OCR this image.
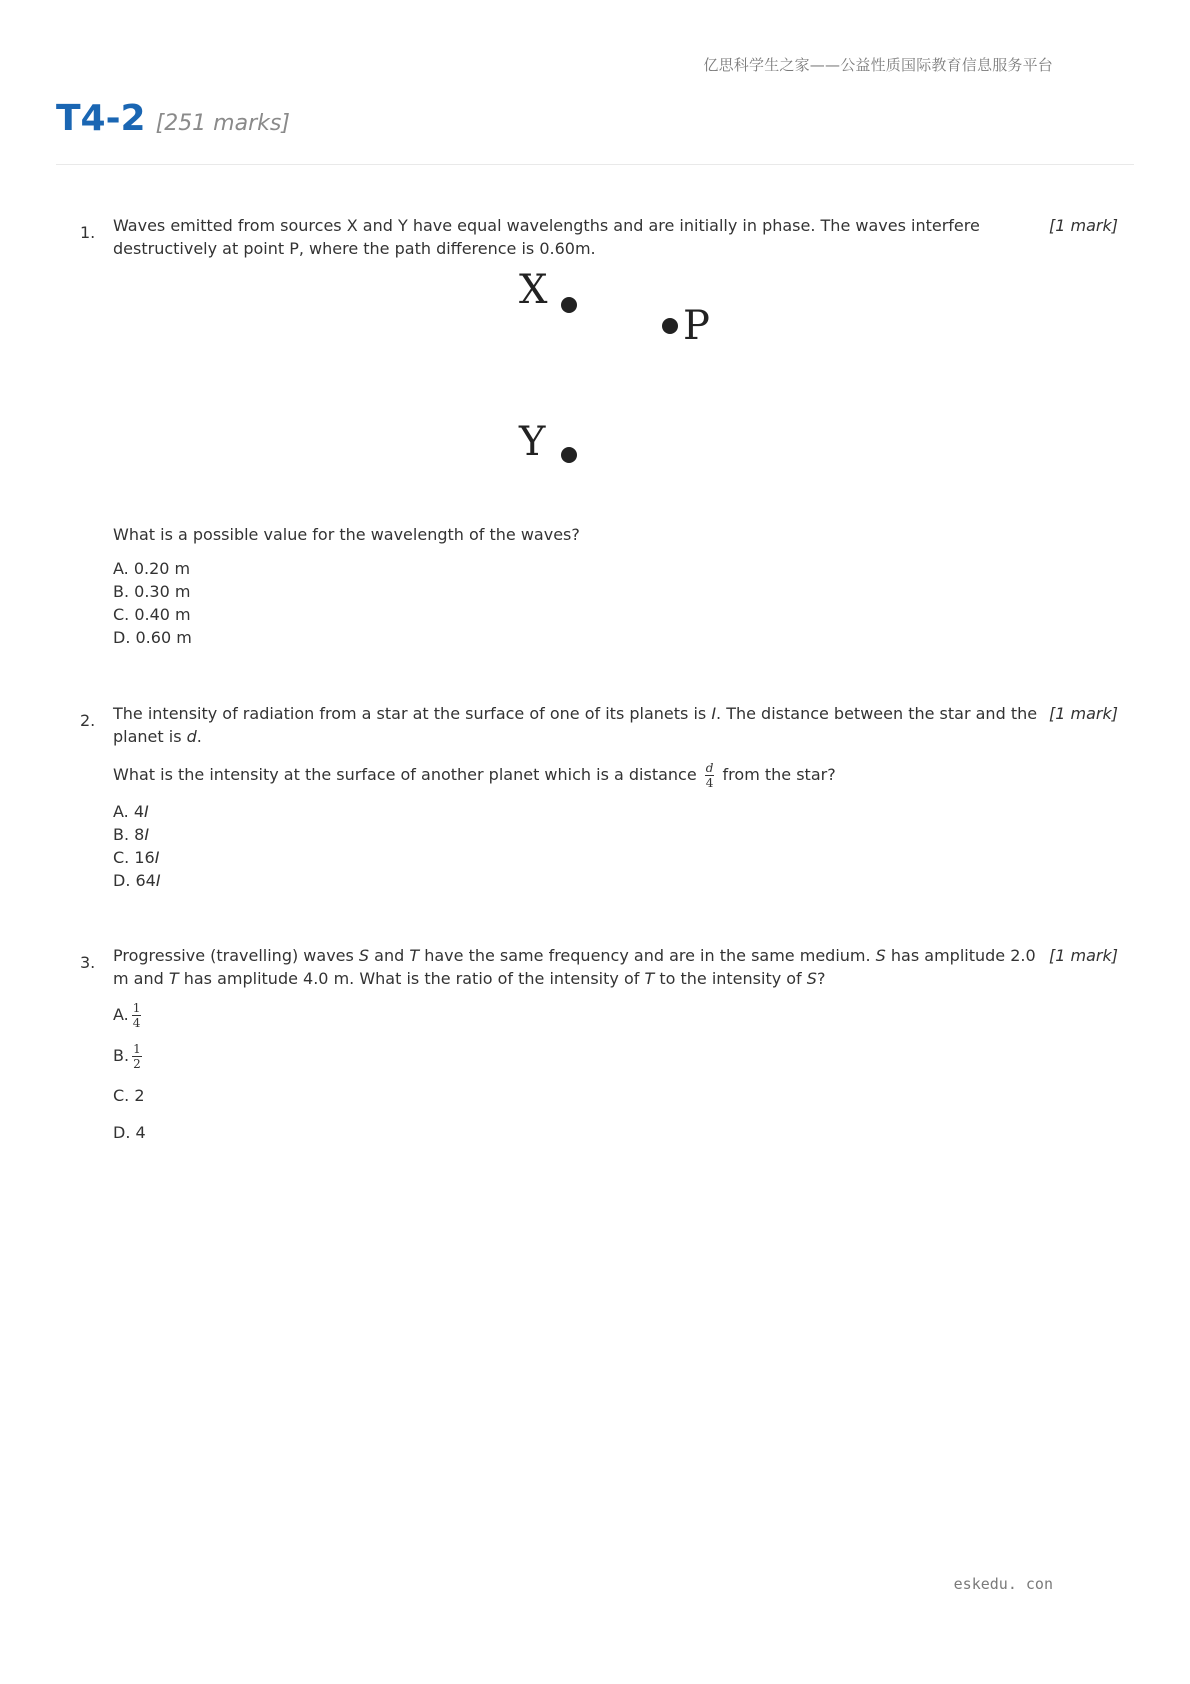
亿思科学生之家——公益性质国际教育信息服务平台
T4-2 [251 marks]
1. Waves emitted from sources X and Y have equal wavelengths and are initially in phase. The waves interfere destructively at point P, where the path difference is 0.60m.

[1 mark]
X
P
Y
What is a possible value for the wavelength of the waves?
A. 0.20 m
B. 0.30 m
C. 0.40 m
D. 0.60 m
2. The intensity of radiation from a star at the surface of one of its planets is I. The distance between the star and the planet is d.

[1 mark]
What is the intensity at the surface of another planet which is a distance $\frac{d}{4}$ from the star?
A. 4I
B. 8I
C. 16I
D. 64I
3. Progressive (travelling) waves S and T have the same frequency and are in the same medium. S has amplitude 2.0 m and T has amplitude 4.0 m. What is the ratio of the intensity of T to the intensity of S?

[1 mark]
A. $\frac{1}{4}$
B. $\frac{1}{2}$
C. 2
D. 4
eskedu. con
